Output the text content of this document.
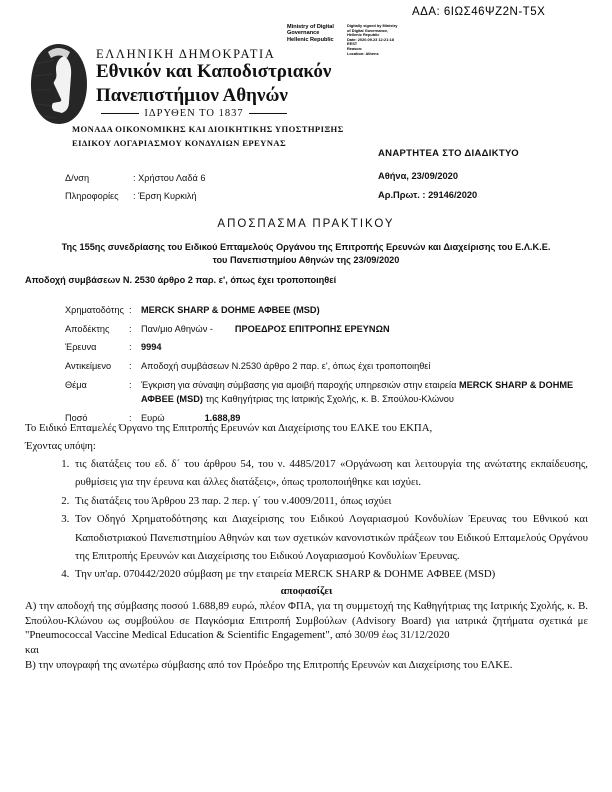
ΑΔΑ: 6ΙΩΣ46ΨΖ2Ν-Τ5Χ
Ministry of Digital
Governance
Hellenic Republic
Digitally signed by Ministry
of Digital Governance,
Hellenic Republic
Date: 2020.09.23 12:21:18
EEST
Reason:
Location: Athens
ΕΛΛΗΝΙΚΗ ΔΗΜΟΚΡΑΤΙΑ
Εθνικόν και Καποδιστριακόν
Πανεπιστήμιον Αθηνών
ΙΔΡΥΘΕΝ ΤΟ 1837
ΜΟΝΑΔΑ ΟΙΚΟΝΟΜΙΚΗΣ ΚΑΙ ΔΙΟΙΚΗΤΙΚΗΣ ΥΠΟΣΤΗΡΙΞΗΣ
ΕΙΔΙΚΟΥ ΛΟΓΑΡΙΑΣΜΟΥ ΚΟΝΔΥΛΙΩΝ ΕΡΕΥΝΑΣ
ΑΝΑΡΤΗΤΕΑ ΣΤΟ ΔΙΑΔΙΚΤΥΟ
Αθήνα, 23/09/2020
Αρ.Πρωτ. : 29146/2020
Δ/νση	: Χρήστου Λαδά 6
Πληροφορίες	: Έρση Κυρκιλή
ΑΠΟΣΠΑΣΜΑ ΠΡΑΚΤΙΚΟΥ
Της 155ης συνεδρίασης του Ειδικού Επταμελούς Οργάνου της Επιτροπής Ερευνών και Διαχείρισης του Ε.Λ.Κ.Ε.
του Πανεπιστημίου Αθηνών της 23/09/2020
Αποδοχή συμβάσεων Ν. 2530 άρθρο 2 παρ. ε', όπως έχει τροποποιηθεί
Χρηματοδότης :	MERCK SHARP & DOHME ΑΦΒΕΕ (MSD)
Αποδέκτης	:	Παν/μιο Αθηνών - ΠΡΟΕΔΡΟΣ ΕΠΙΤΡΟΠΗΣ ΕΡΕΥΝΩΝ
Έρευνα	:	9994
Αντικείμενο	:	Αποδοχή συμβάσεων Ν.2530 άρθρο 2 παρ. ε', όπως έχει τροποποιηθεί
Θέμα	:	Έγκριση για σύναψη σύμβασης για αμοιβή παροχής υπηρεσιών στην εταιρεία MERCK SHARP & DOHME ΑΦΒΕΕ (MSD) της Καθηγήτριας της Ιατρικής Σχολής, κ. Β. Σπούλου-Κλώνου
Ποσό	:	Ευρώ	1.688,89

Το Ειδικό Επταμελές Όργανο της Επιτροπής Ερευνών και Διαχείρισης του ΕΛΚΕ του ΕΚΠΑ,

Έχοντας υπόψη:

1. τις διατάξεις του εδ. δ´ του άρθρου 54, του ν. 4485/2017 «Οργάνωση και λειτουργία της ανώτατης εκπαίδευσης, ρυθμίσεις για την έρευνα και άλλες διατάξεις», όπως τροποποιήθηκε και ισχύει.
2. Τις διατάξεις του Άρθρου 23 παρ. 2 περ. γ´ του ν.4009/2011, όπως ισχύει
3. Τον Οδηγό Χρηματοδότησης και Διαχείρισης του Ειδικού Λογαριασμού Κονδυλίων Έρευνας του Εθνικού και Καποδιστριακού Πανεπιστημίου Αθηνών και των σχετικών κανονιστικών πράξεων του Ειδικού Επταμελούς Οργάνου της Επιτροπής Ερευνών και Διαχείρισης του Ειδικού Λογαριασμού Κονδυλίων Έρευνας.
4. Την υπ'αρ. 070442/2020 σύμβαση με την εταιρεία MERCK SHARP & DOHME ΑΦΒΕΕ (MSD)

αποφασίζει

Α) την αποδοχή της σύμβασης ποσού 1.688,89 ευρώ, πλέον ΦΠΑ, για τη συμμετοχή της Καθηγήτριας της Ιατρικής Σχολής, κ. Β. Σπούλου-Κλώνου ως συμβούλου σε Παγκόσμια Επιτροπή Συμβούλων (Advisory Board) για ιατρικά ζητήματα σχετικά με "Pneumococcal Vaccine Medical Education & Scientific Engagement", από 30/09 έως 31/12/2020

και

Β) την υπογραφή της ανωτέρω σύμβασης από τον Πρόεδρο της Επιτροπής Ερευνών και Διαχείρισης του ΕΛΚΕ.
